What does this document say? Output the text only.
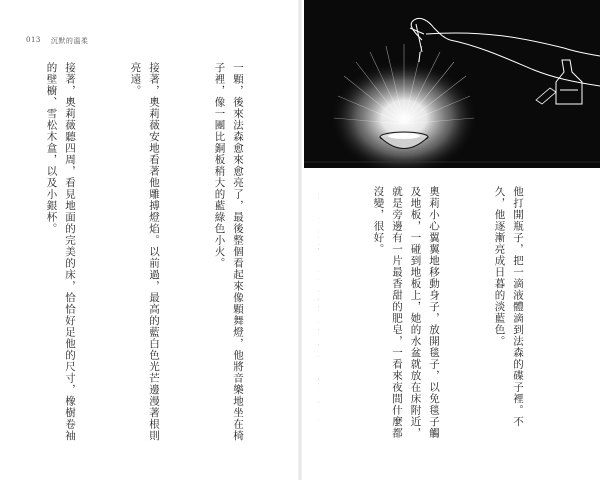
013 沉默的溫柔

一顆，後來法森愈來愈亮了，最後整個看起來像顆舞燈，他將音樂地坐在椅子裡，像一團比銅板稍大的藍綠色小火。

接著，奧莉薇安地看著他雕搏燈焰。以前過，最高的藍白色光芒邊漫著根則亮遠。

接著，奧莉薇聽四周，看見地面的完美的床，恰恰好足他的尺寸，橡樹卷袖的壁櫥、雪松木盒，以及小銀杯。

他打開瓶子，把一滴液體滴到法森的碟子裡。不久，他逐漸亮成日暮的淡藍色。

奧莉小心翼翼地移動身子，放開毯子，以免毯子觸及地板，一碰到地板上，她的水盆就放在床附近，就是旁邊有一片最香甜的肥皂，一看來夜間什麼都沒變，很好。
